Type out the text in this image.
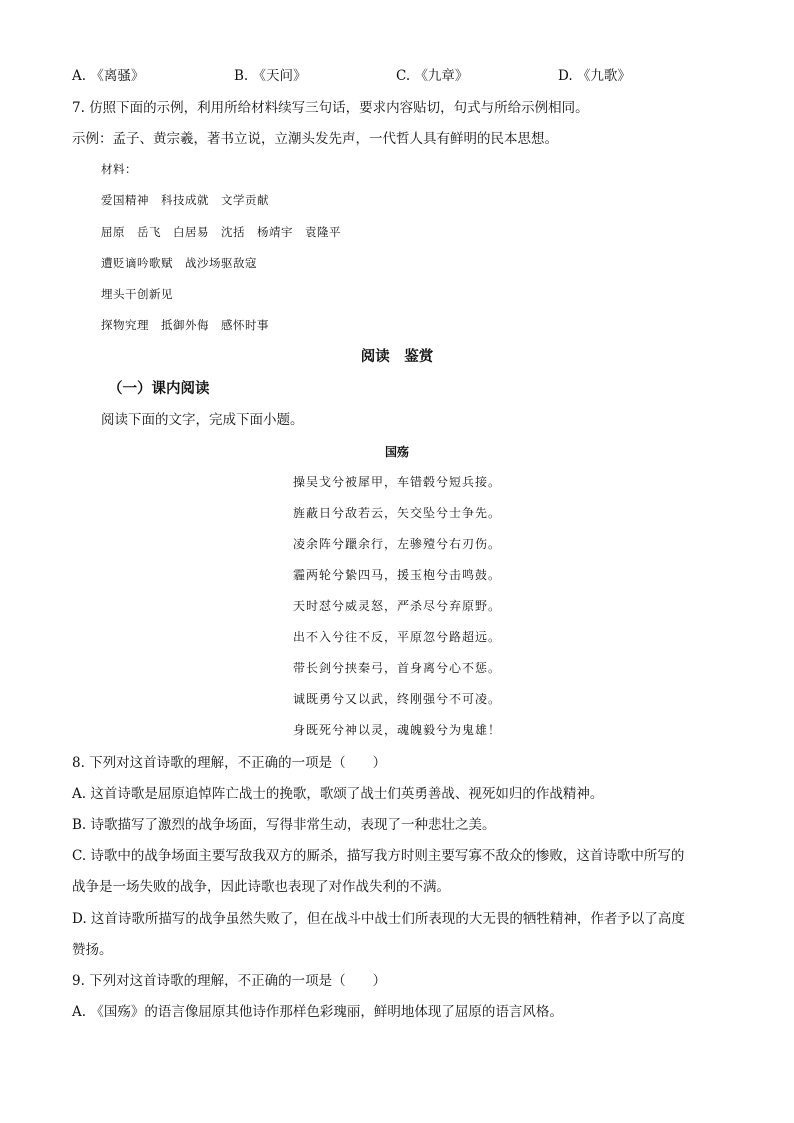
A. 《离骚》	B. 《天问》	C. 《九章》	D. 《九歌》
7. 仿照下面的示例，利用所给材料续写三句话，要求内容贴切，句式与所给示例相同。
示例：孟子、黄宗羲，著书立说，立潮头发先声，一代哲人具有鲜明的民本思想。
材料：
爱国精神　科技成就　文学贡献
屈原　岳飞　白居易　沈括　杨靖宇　袁隆平
遭贬谪吟歌赋　战沙场驱敌寇
埋头干创新见
探物究理　抵御外侮　感怀时事
阅读　鉴赏
（一）课内阅读
阅读下面的文字，完成下面小题。
国殇
操吴戈兮被犀甲，车错毂兮短兵接。
旌蔽日兮敌若云，矢交坠兮士争先。
凌余阵兮躐余行，左骖殪兮右刃伤。
霾两轮兮絷四马，援玉枹兮击鸣鼓。
天时怼兮威灵怒，严杀尽兮弃原野。
出不入兮往不反，平原忽兮路超远。
带长剑兮挟秦弓，首身离兮心不惩。
诚既勇兮又以武，终刚强兮不可凌。
身既死兮神以灵，魂魄毅兮为鬼雄！
8. 下列对这首诗歌的理解，不正确的一项是（　　）
A. 这首诗歌是屈原追悼阵亡战士的挽歌，歌颂了战士们英勇善战、视死如归的作战精神。
B. 诗歌描写了激烈的战争场面，写得非常生动，表现了一种悲壮之美。
C. 诗歌中的战争场面主要写敌我双方的厮杀，描写我方时则主要写寡不敌众的惨败，这首诗歌中所写的
战争是一场失败的战争，因此诗歌也表现了对作战失利的不满。
D. 这首诗歌所描写的战争虽然失败了，但在战斗中战士们所表现的大无畏的牺牲精神，作者予以了高度
赞扬。
9. 下列对这首诗歌的理解，不正确的一项是（　　）
A. 《国殇》的语言像屈原其他诗作那样色彩瑰丽，鲜明地体现了屈原的语言风格。
